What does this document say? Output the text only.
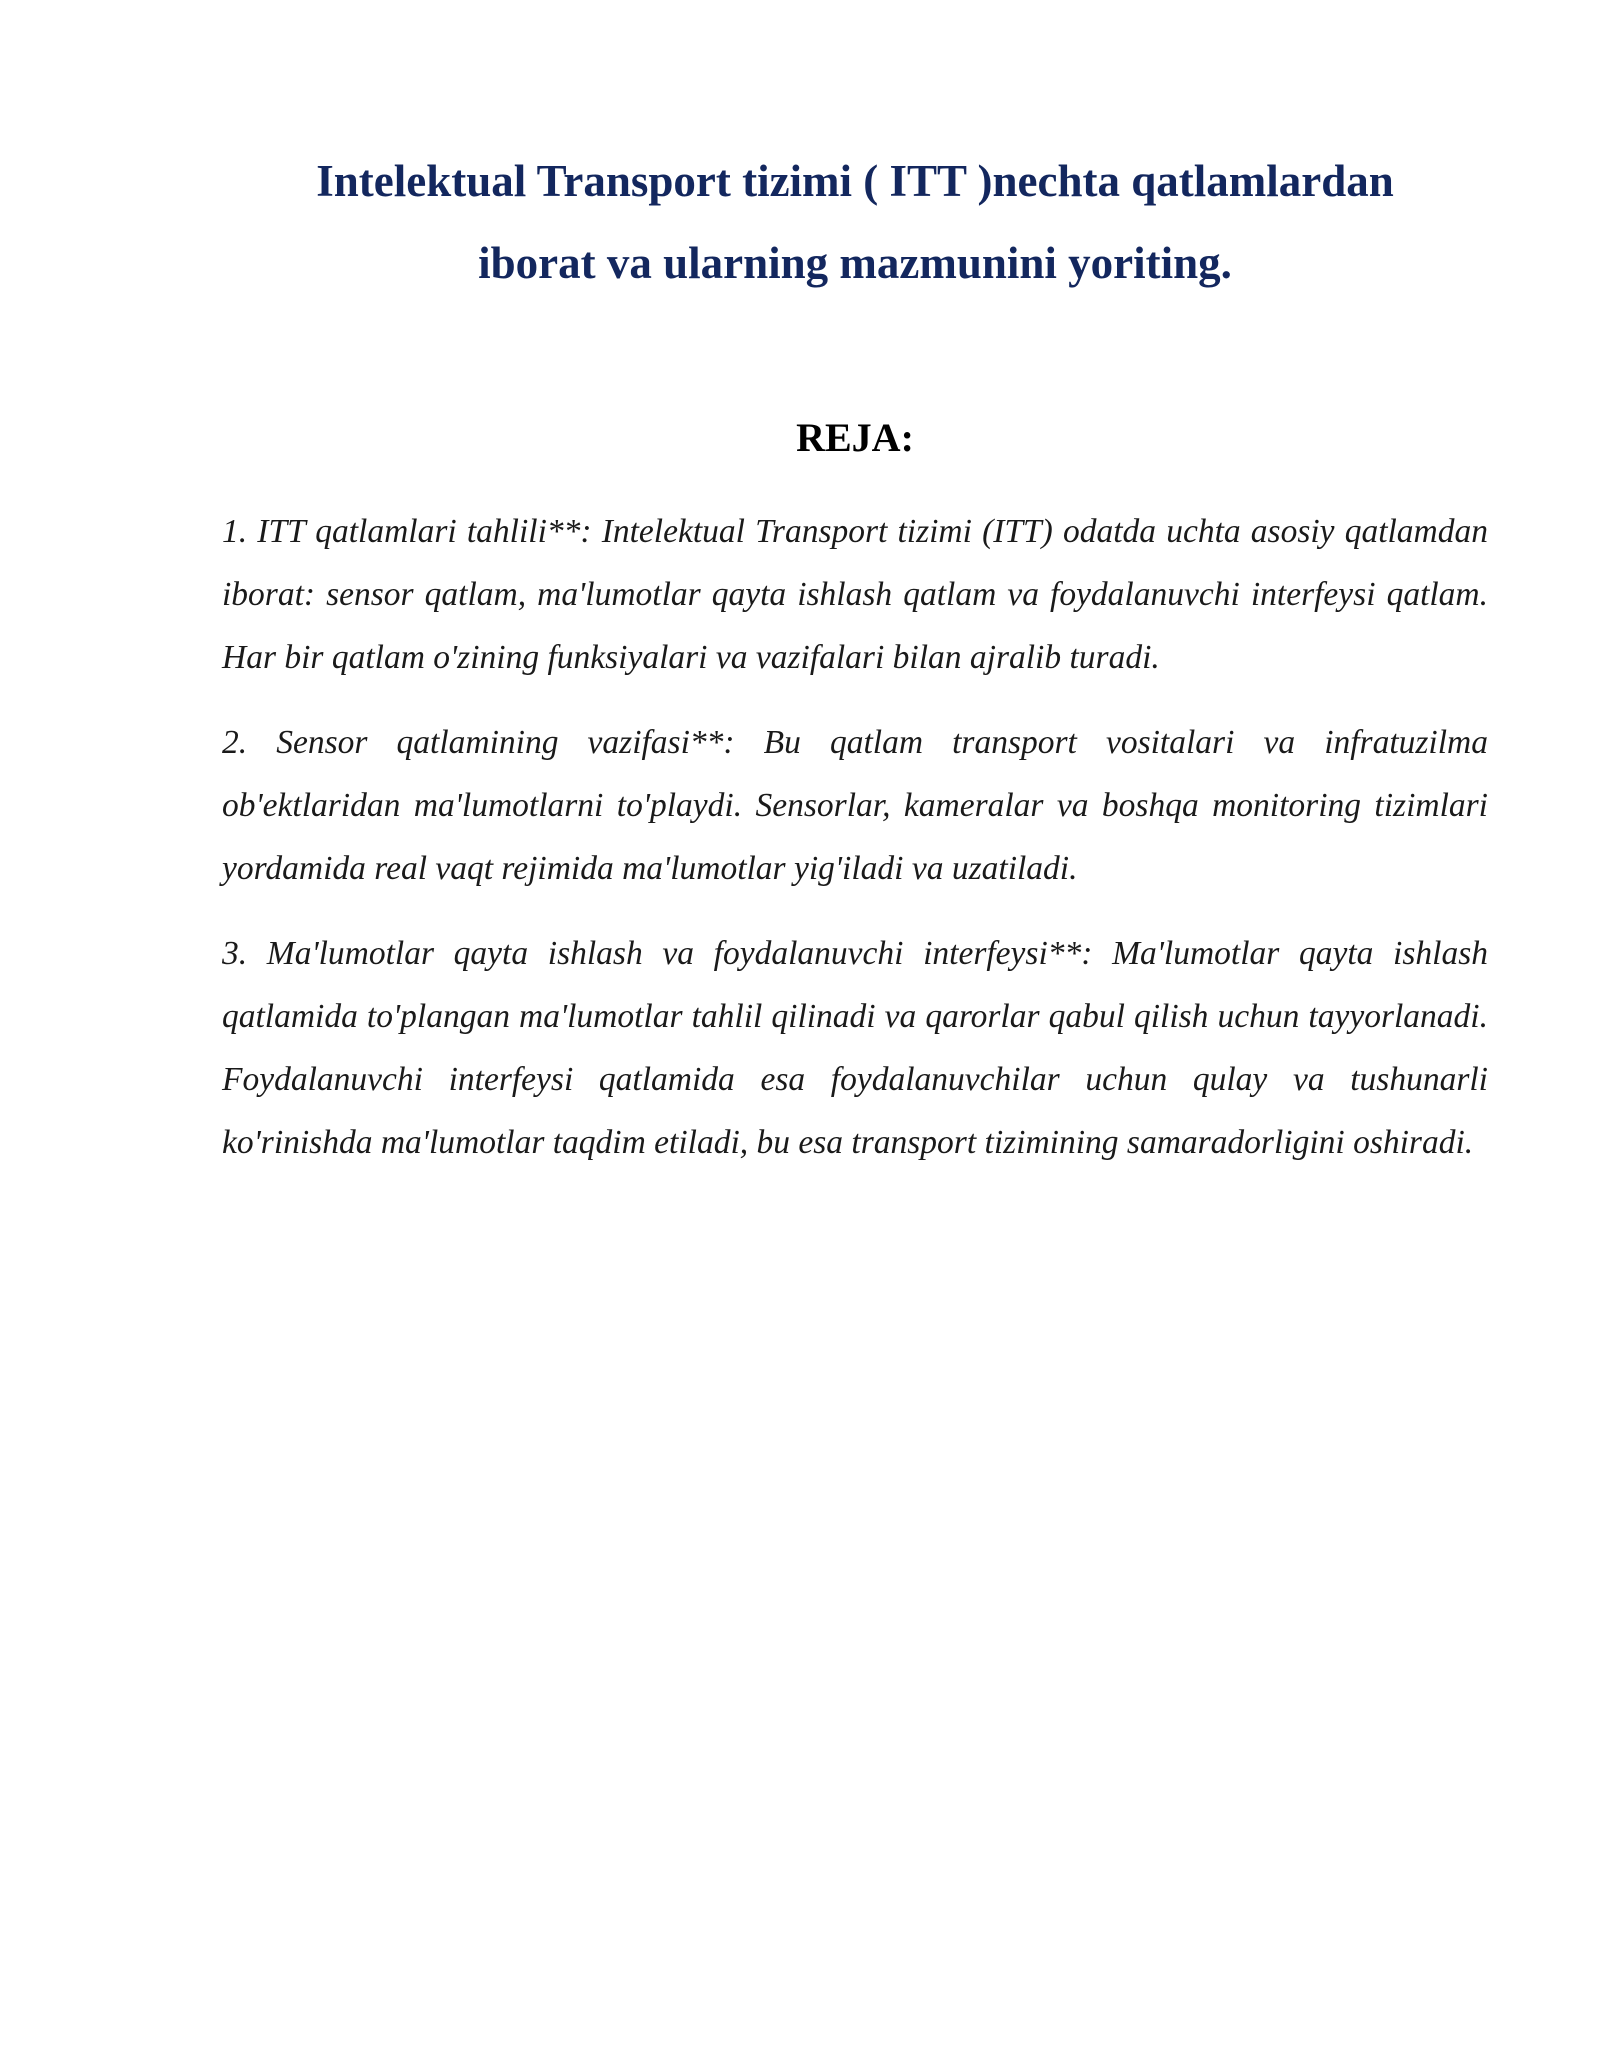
Intelektual Transport tizimi ( ITT )nechta qatlamlardan
iborat va ularning mazmunini yoriting.
REJA:
1. ITT qatlamlari tahlili**: Intelektual Transport tizimi (ITT) odatda uchta asosiy qatlamdan iborat: sensor qatlam, ma'lumotlar qayta ishlash qatlam va foydalanuvchi interfeysi qatlam. Har bir qatlam o'zining funksiyalari va vazifalari bilan ajralib turadi.
2. Sensor qatlamining vazifasi**: Bu qatlam transport vositalari va infratuzilma ob'ektlaridan ma'lumotlarni to'playdi. Sensorlar, kameralar va boshqa monitoring tizimlari yordamida real vaqt rejimida ma'lumotlar yig'iladi va uzatiladi.
3. Ma'lumotlar qayta ishlash va foydalanuvchi interfeysi**: Ma'lumotlar qayta ishlash qatlamida to'plangan ma'lumotlar tahlil qilinadi va qarorlar qabul qilish uchun tayyorlanadi. Foydalanuvchi interfeysi qatlamida esa foydalanuvchilar uchun qulay va tushunarli ko'rinishda ma'lumotlar taqdim etiladi, bu esa transport tizimining samaradorligini oshiradi.
